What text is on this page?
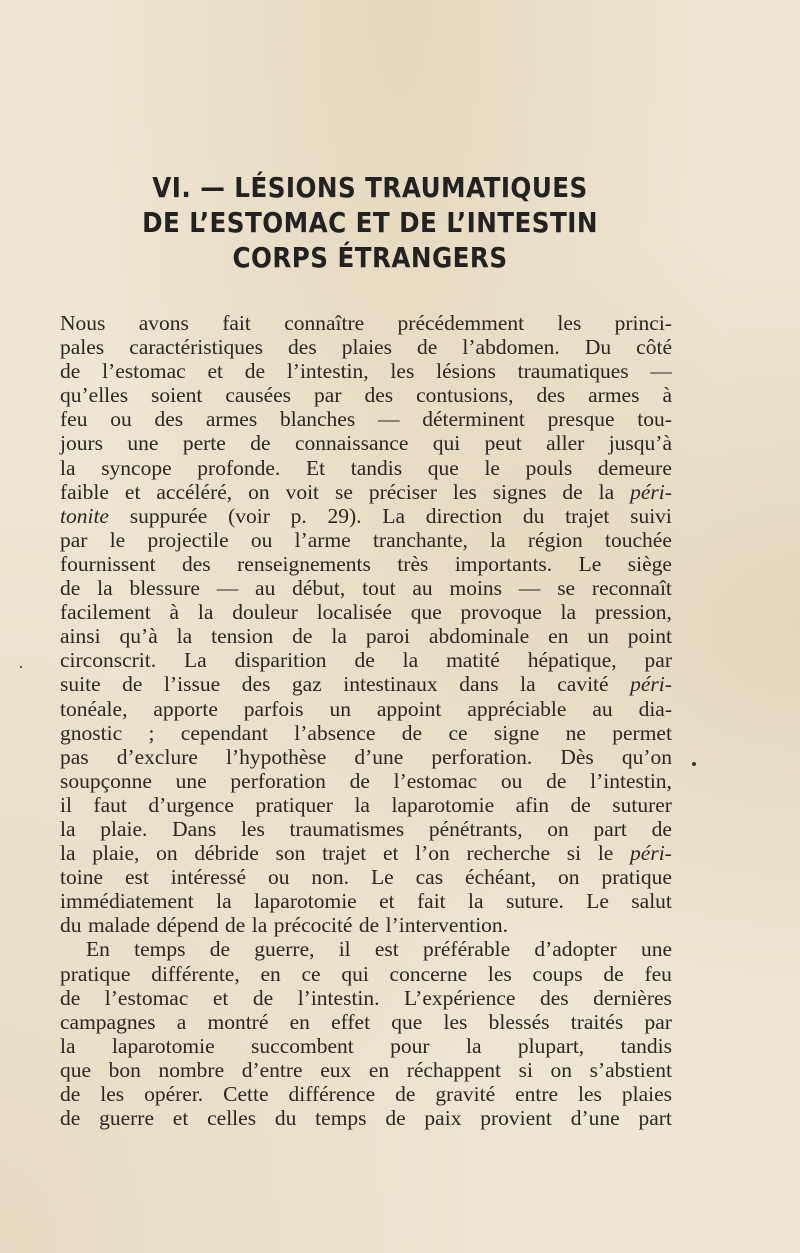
VI. — LÉSIONS TRAUMATIQUES
DE L’ESTOMAC ET DE L’INTESTIN
CORPS ÉTRANGERS
Nous avons fait connaître précédemment les princi-
pales caractéristiques des plaies de l’abdomen. Du côté
de l’estomac et de l’intestin, les lésions traumatiques —
qu’elles soient causées par des contusions, des armes à
feu ou des armes blanches — déterminent presque tou-
jours une perte de connaissance qui peut aller jusqu’à
la syncope profonde. Et tandis que le pouls demeure
faible et accéléré, on voit se préciser les signes de la péri-
tonite suppurée (voir p. 29). La direction du trajet suivi
par le projectile ou l’arme tranchante, la région touchée
fournissent des renseignements très importants. Le siège
de la blessure — au début, tout au moins — se reconnaît
facilement à la douleur localisée que provoque la pression,
ainsi qu’à la tension de la paroi abdominale en un point
circonscrit. La disparition de la matité hépatique, par
suite de l’issue des gaz intestinaux dans la cavité péri-
tonéale, apporte parfois un appoint appréciable au dia-
gnostic ; cependant l’absence de ce signe ne permet
pas d’exclure l’hypothèse d’une perforation. Dès qu’on
soupçonne une perforation de l’estomac ou de l’intestin,
il faut d’urgence pratiquer la laparotomie afin de suturer
la plaie. Dans les traumatismes pénétrants, on part de
la plaie, on débride son trajet et l’on recherche si le péri-
toine est intéressé ou non. Le cas échéant, on pratique
immédiatement la laparotomie et fait la suture. Le salut
du malade dépend de la précocité de l’intervention.
En temps de guerre, il est préférable d’adopter une
pratique différente, en ce qui concerne les coups de feu
de l’estomac et de l’intestin. L’expérience des dernières
campagnes a montré en effet que les blessés traités par
la laparotomie succombent pour la plupart, tandis
que bon nombre d’entre eux en réchappent si on s’abstient
de les opérer. Cette différence de gravité entre les plaies
de guerre et celles du temps de paix provient d’une part
